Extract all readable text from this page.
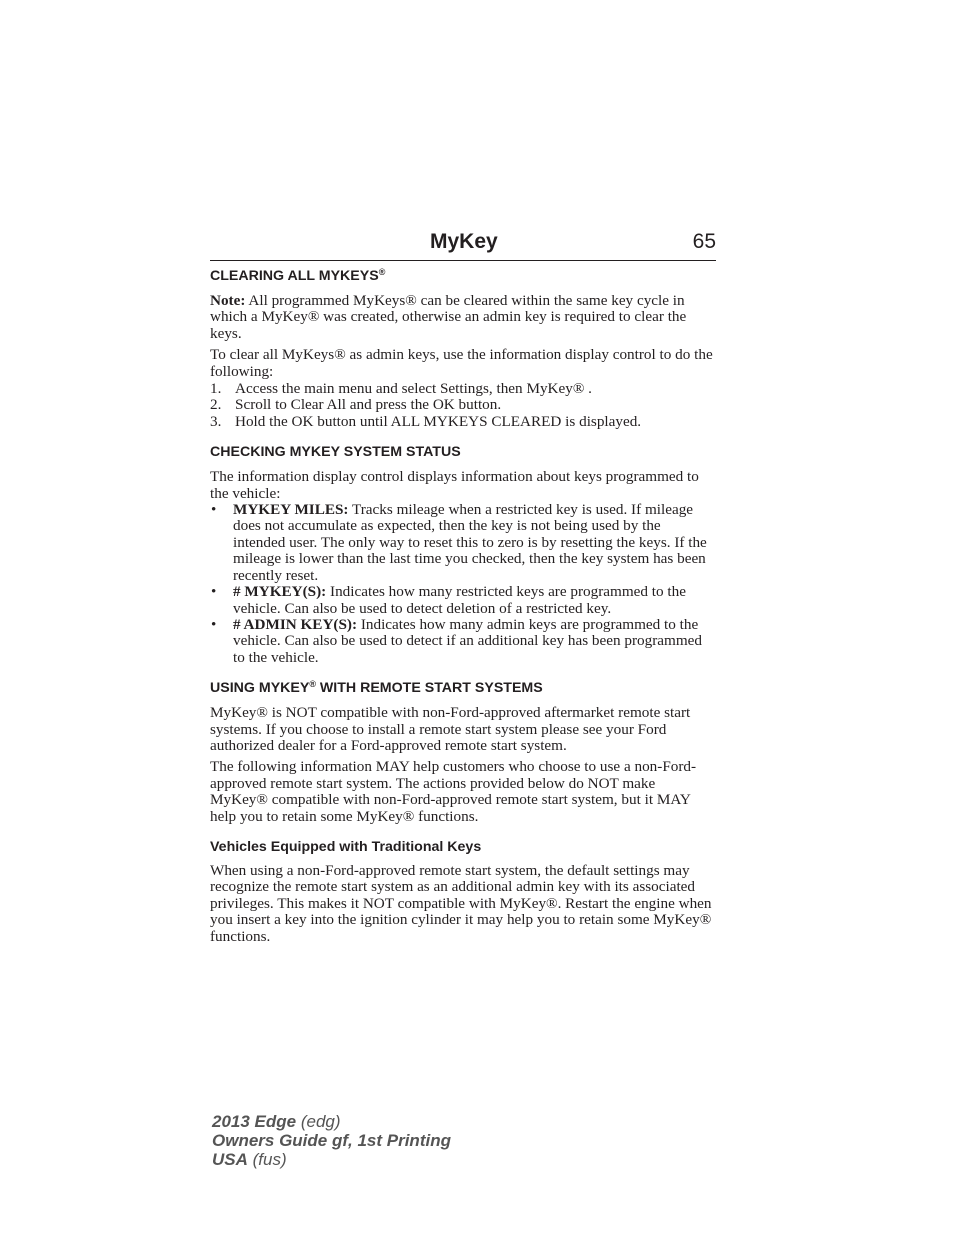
MyKey	65
CLEARING ALL MYKEYS®

Note: All programmed MyKeys® can be cleared within the same key cycle in which a MyKey® was created, otherwise an admin key is required to clear the keys.

To clear all MyKeys® as admin keys, use the information display control to do the following:

1. Access the main menu and select Settings, then MyKey® .
2. Scroll to Clear All and press the OK button.
3. Hold the OK button until ALL MYKEYS CLEARED is displayed.
CHECKING MYKEY SYSTEM STATUS

The information display control displays information about keys programmed to the vehicle:

• MYKEY MILES: Tracks mileage when a restricted key is used. If mileage does not accumulate as expected, then the key is not being used by the intended user. The only way to reset this to zero is by resetting the keys. If the mileage is lower than the last time you checked, then the key system has been recently reset.
• # MYKEY(S): Indicates how many restricted keys are programmed to the vehicle. Can also be used to detect deletion of a restricted key.
• # ADMIN KEY(S): Indicates how many admin keys are programmed to the vehicle. Can also be used to detect if an additional key has been programmed to the vehicle.
USING MYKEY® WITH REMOTE START SYSTEMS

MyKey® is NOT compatible with non-Ford-approved aftermarket remote start systems. If you choose to install a remote start system please see your Ford authorized dealer for a Ford-approved remote start system.

The following information MAY help customers who choose to use a non-Ford-approved remote start system. The actions provided below do NOT make MyKey® compatible with non-Ford-approved remote start system, but it MAY help you to retain some MyKey® functions.

Vehicles Equipped with Traditional Keys

When using a non-Ford-approved remote start system, the default settings may recognize the remote start system as an additional admin key with its associated privileges. This makes it NOT compatible with MyKey®. Restart the engine when you insert a key into the ignition cylinder it may help you to retain some MyKey® functions.

2013 Edge (edg)
Owners Guide gf, 1st Printing
USA (fus)
